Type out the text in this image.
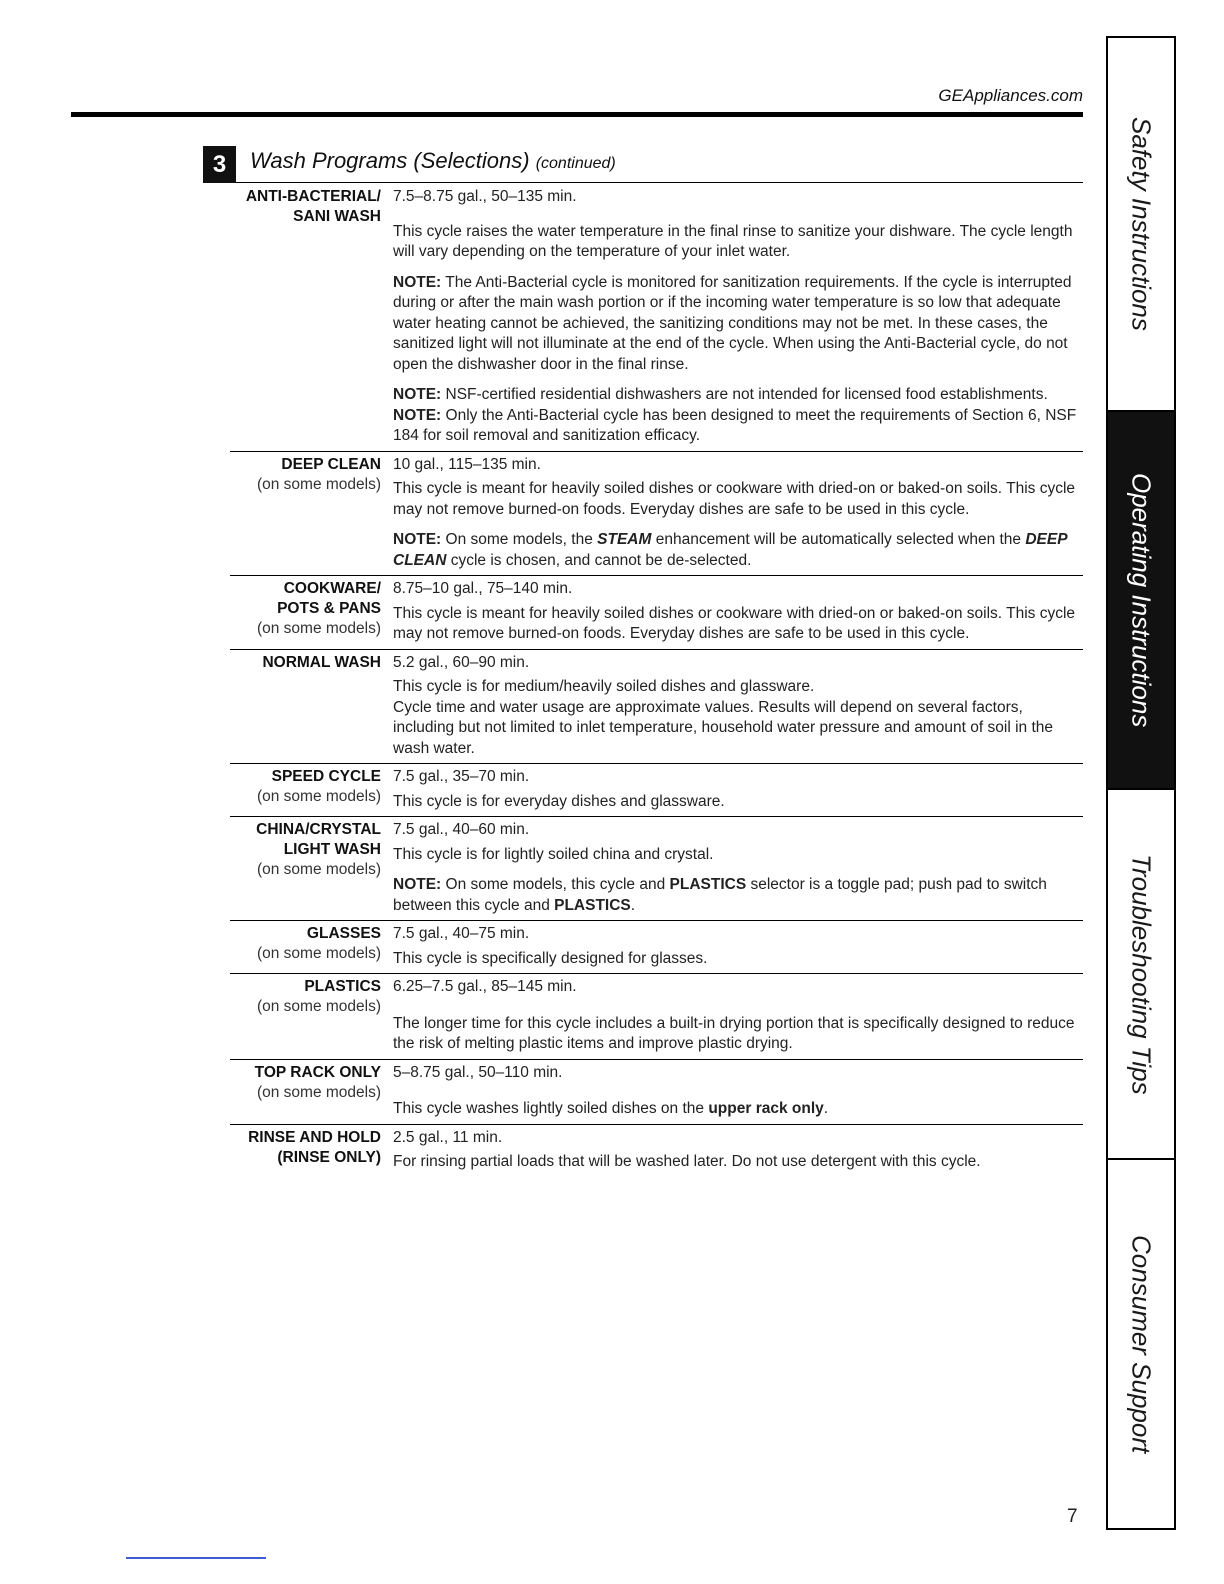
GEAppliances.com
3	Wash Programs (Selections) (continued)
ANTI-BACTERIAL/
SANI WASH
7.5–8.75 gal., 50–135 min.
This cycle raises the water temperature in the final rinse to sanitize your dishware. The cycle length will vary depending on the temperature of your inlet water.
NOTE: The Anti-Bacterial cycle is monitored for sanitization requirements. If the cycle is interrupted during or after the main wash portion or if the incoming water temperature is so low that adequate water heating cannot be achieved, the sanitizing conditions may not be met. In these cases, the sanitized light will not illuminate at the end of the cycle. When using the Anti-Bacterial cycle, do not open the dishwasher door in the final rinse.
NOTE: NSF-certified residential dishwashers are not intended for licensed food establishments.
NOTE: Only the Anti-Bacterial cycle has been designed to meet the requirements of Section 6, NSF 184 for soil removal and sanitization efficacy.
DEEP CLEAN
(on some models)
10 gal., 115–135 min.
This cycle is meant for heavily soiled dishes or cookware with dried-on or baked-on soils. This cycle may not remove burned-on foods. Everyday dishes are safe to be used in this cycle.
NOTE: On some models, the STEAM enhancement will be automatically selected when the DEEP CLEAN cycle is chosen, and cannot be de-selected.
COOKWARE/
POTS & PANS
(on some models)
8.75–10 gal., 75–140 min.
This cycle is meant for heavily soiled dishes or cookware with dried-on or baked-on soils. This cycle may not remove burned-on foods. Everyday dishes are safe to be used in this cycle.
NORMAL WASH 5.2 gal., 60–90 min.
This cycle is for medium/heavily soiled dishes and glassware.
Cycle time and water usage are approximate values. Results will depend on several factors, including but not limited to inlet temperature, household water pressure and amount of soil in the wash water.
SPEED CYCLE
(on some models)
7.5 gal., 35–70 min.
This cycle is for everyday dishes and glassware.
CHINA/CRYSTAL
LIGHT WASH
(on some models)
7.5 gal., 40–60 min.
This cycle is for lightly soiled china and crystal.
NOTE: On some models, this cycle and PLASTICS selector is a toggle pad; push pad to switch between this cycle and PLASTICS.
GLASSES
(on some models)
7.5 gal., 40–75 min.
This cycle is specifically designed for glasses.
PLASTICS
(on some models)
6.25–7.5 gal., 85–145 min.
The longer time for this cycle includes a built-in drying portion that is specifically designed to reduce the risk of melting plastic items and improve plastic drying.
TOP RACK ONLY
(on some models)
5–8.75 gal., 50–110 min.
This cycle washes lightly soiled dishes on the upper rack only.
RINSE AND HOLD
(RINSE ONLY)
2.5 gal., 11 min.
For rinsing partial loads that will be washed later. Do not use detergent with this cycle.
Safety Instructions
Operating Instructions
Troubleshooting Tips
Consumer Support
7
